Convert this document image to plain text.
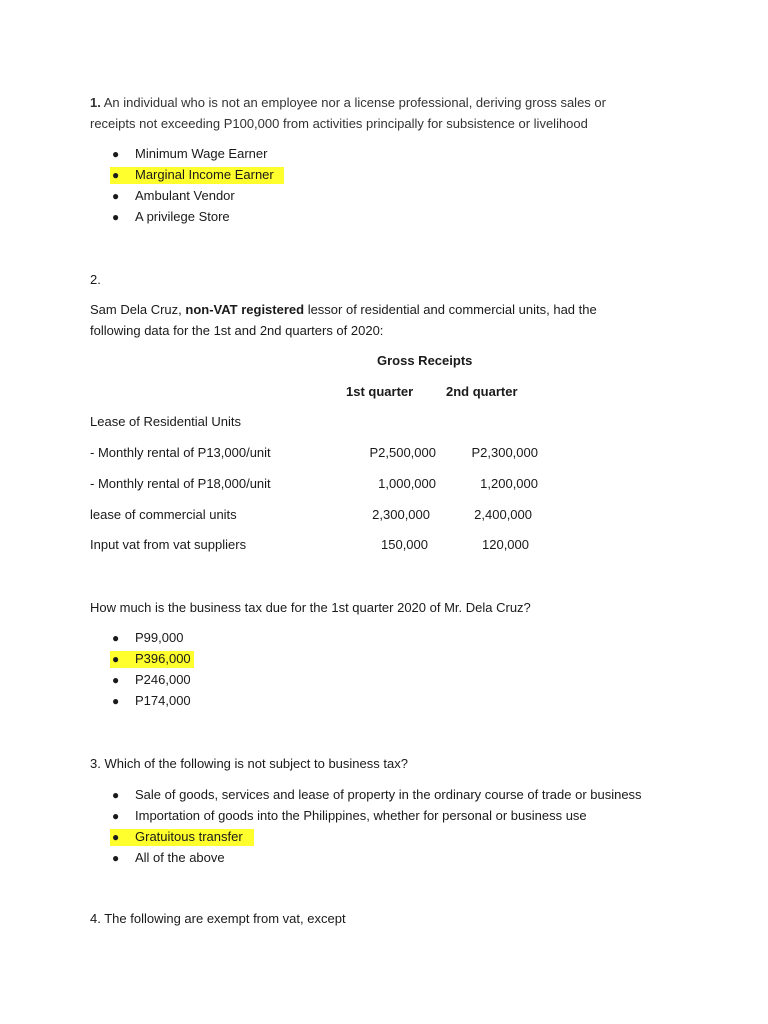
1. An individual who is not an employee nor a license professional, deriving gross sales or
receipts not exceeding P100,000 from activities principally for subsistence or livelihood
● Minimum Wage Earner
● Marginal Income Earner
● Ambulant Vendor
● A privilege Store
2.
Sam Dela Cruz, non-VAT registered lessor of residential and commercial units, had the
following data for the 1st and 2nd quarters of 2020:
Gross Receipts
1st quarter	2nd quarter
Lease of Residential Units
- Monthly rental of P13,000/unit	P2,500,000	P2,300,000
- Monthly rental of P18,000/unit	1,000,000	1,200,000
lease of commercial units	2,300,000	2,400,000
Input vat from vat suppliers	150,000	120,000
How much is the business tax due for the 1st quarter 2020 of Mr. Dela Cruz?
● P99,000
● P396,000
● P246,000
● P174,000
3. Which of the following is not subject to business tax?
● Sale of goods, services and lease of property in the ordinary course of trade or business
● Importation of goods into the Philippines, whether for personal or business use
● Gratuitous transfer
● All of the above
4. The following are exempt from vat, except
